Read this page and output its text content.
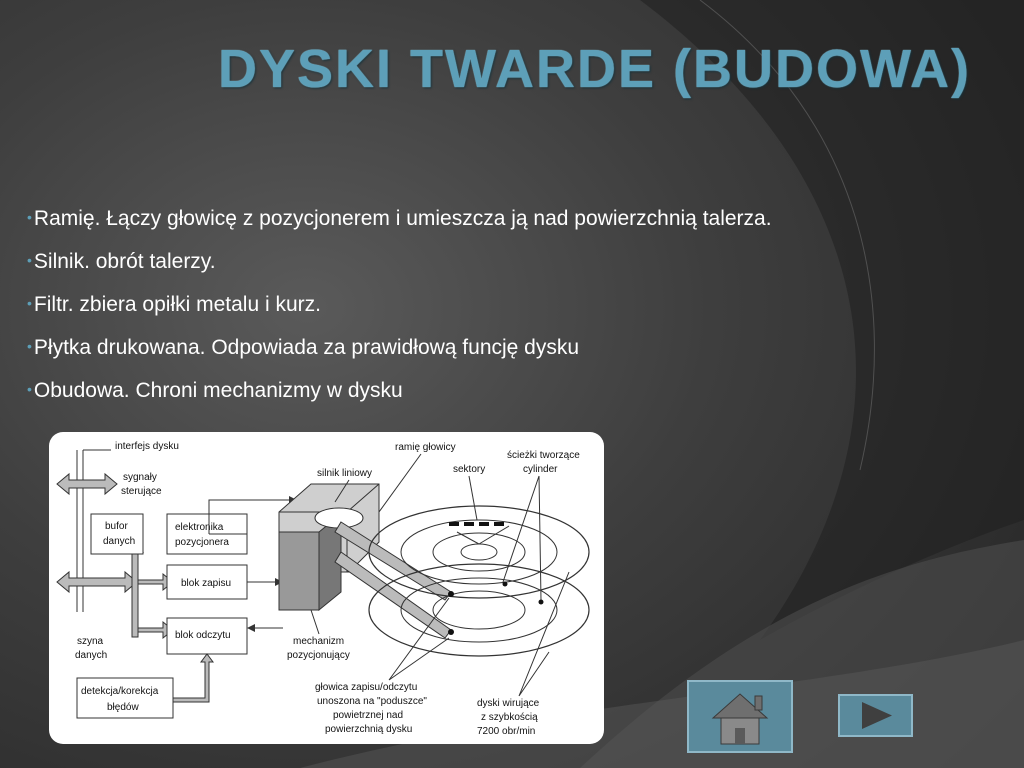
DYSKI TWARDE (BUDOWA)
•Ramię. Łączy głowicę z pozycjonerem i umieszcza ją nad powierzchnią talerza.
•Silnik. obrót talerzy.
•Filtr. zbiera opiłki metalu i kurz.
•Płytka drukowana. Odpowiada za prawidłową funcję dysku
•Obudowa. Chroni mechanizmy w dysku
interfejs dysku
sygnały
sterujące
bufor
danych
elektronika
pozycjonera
blok zapisu
blok odczytu
szyna
danych
detekcja/korekcja
błędów
silnik liniowy
ramię głowicy
sektory
ścieżki tworzące
cylinder
mechanizm
pozycjonujący
głowica zapisu/odczytu
unoszona na "poduszce"
powietrznej nad
powierzchnią dysku
dyski wirujące
z szybkością
7200 obr/min
